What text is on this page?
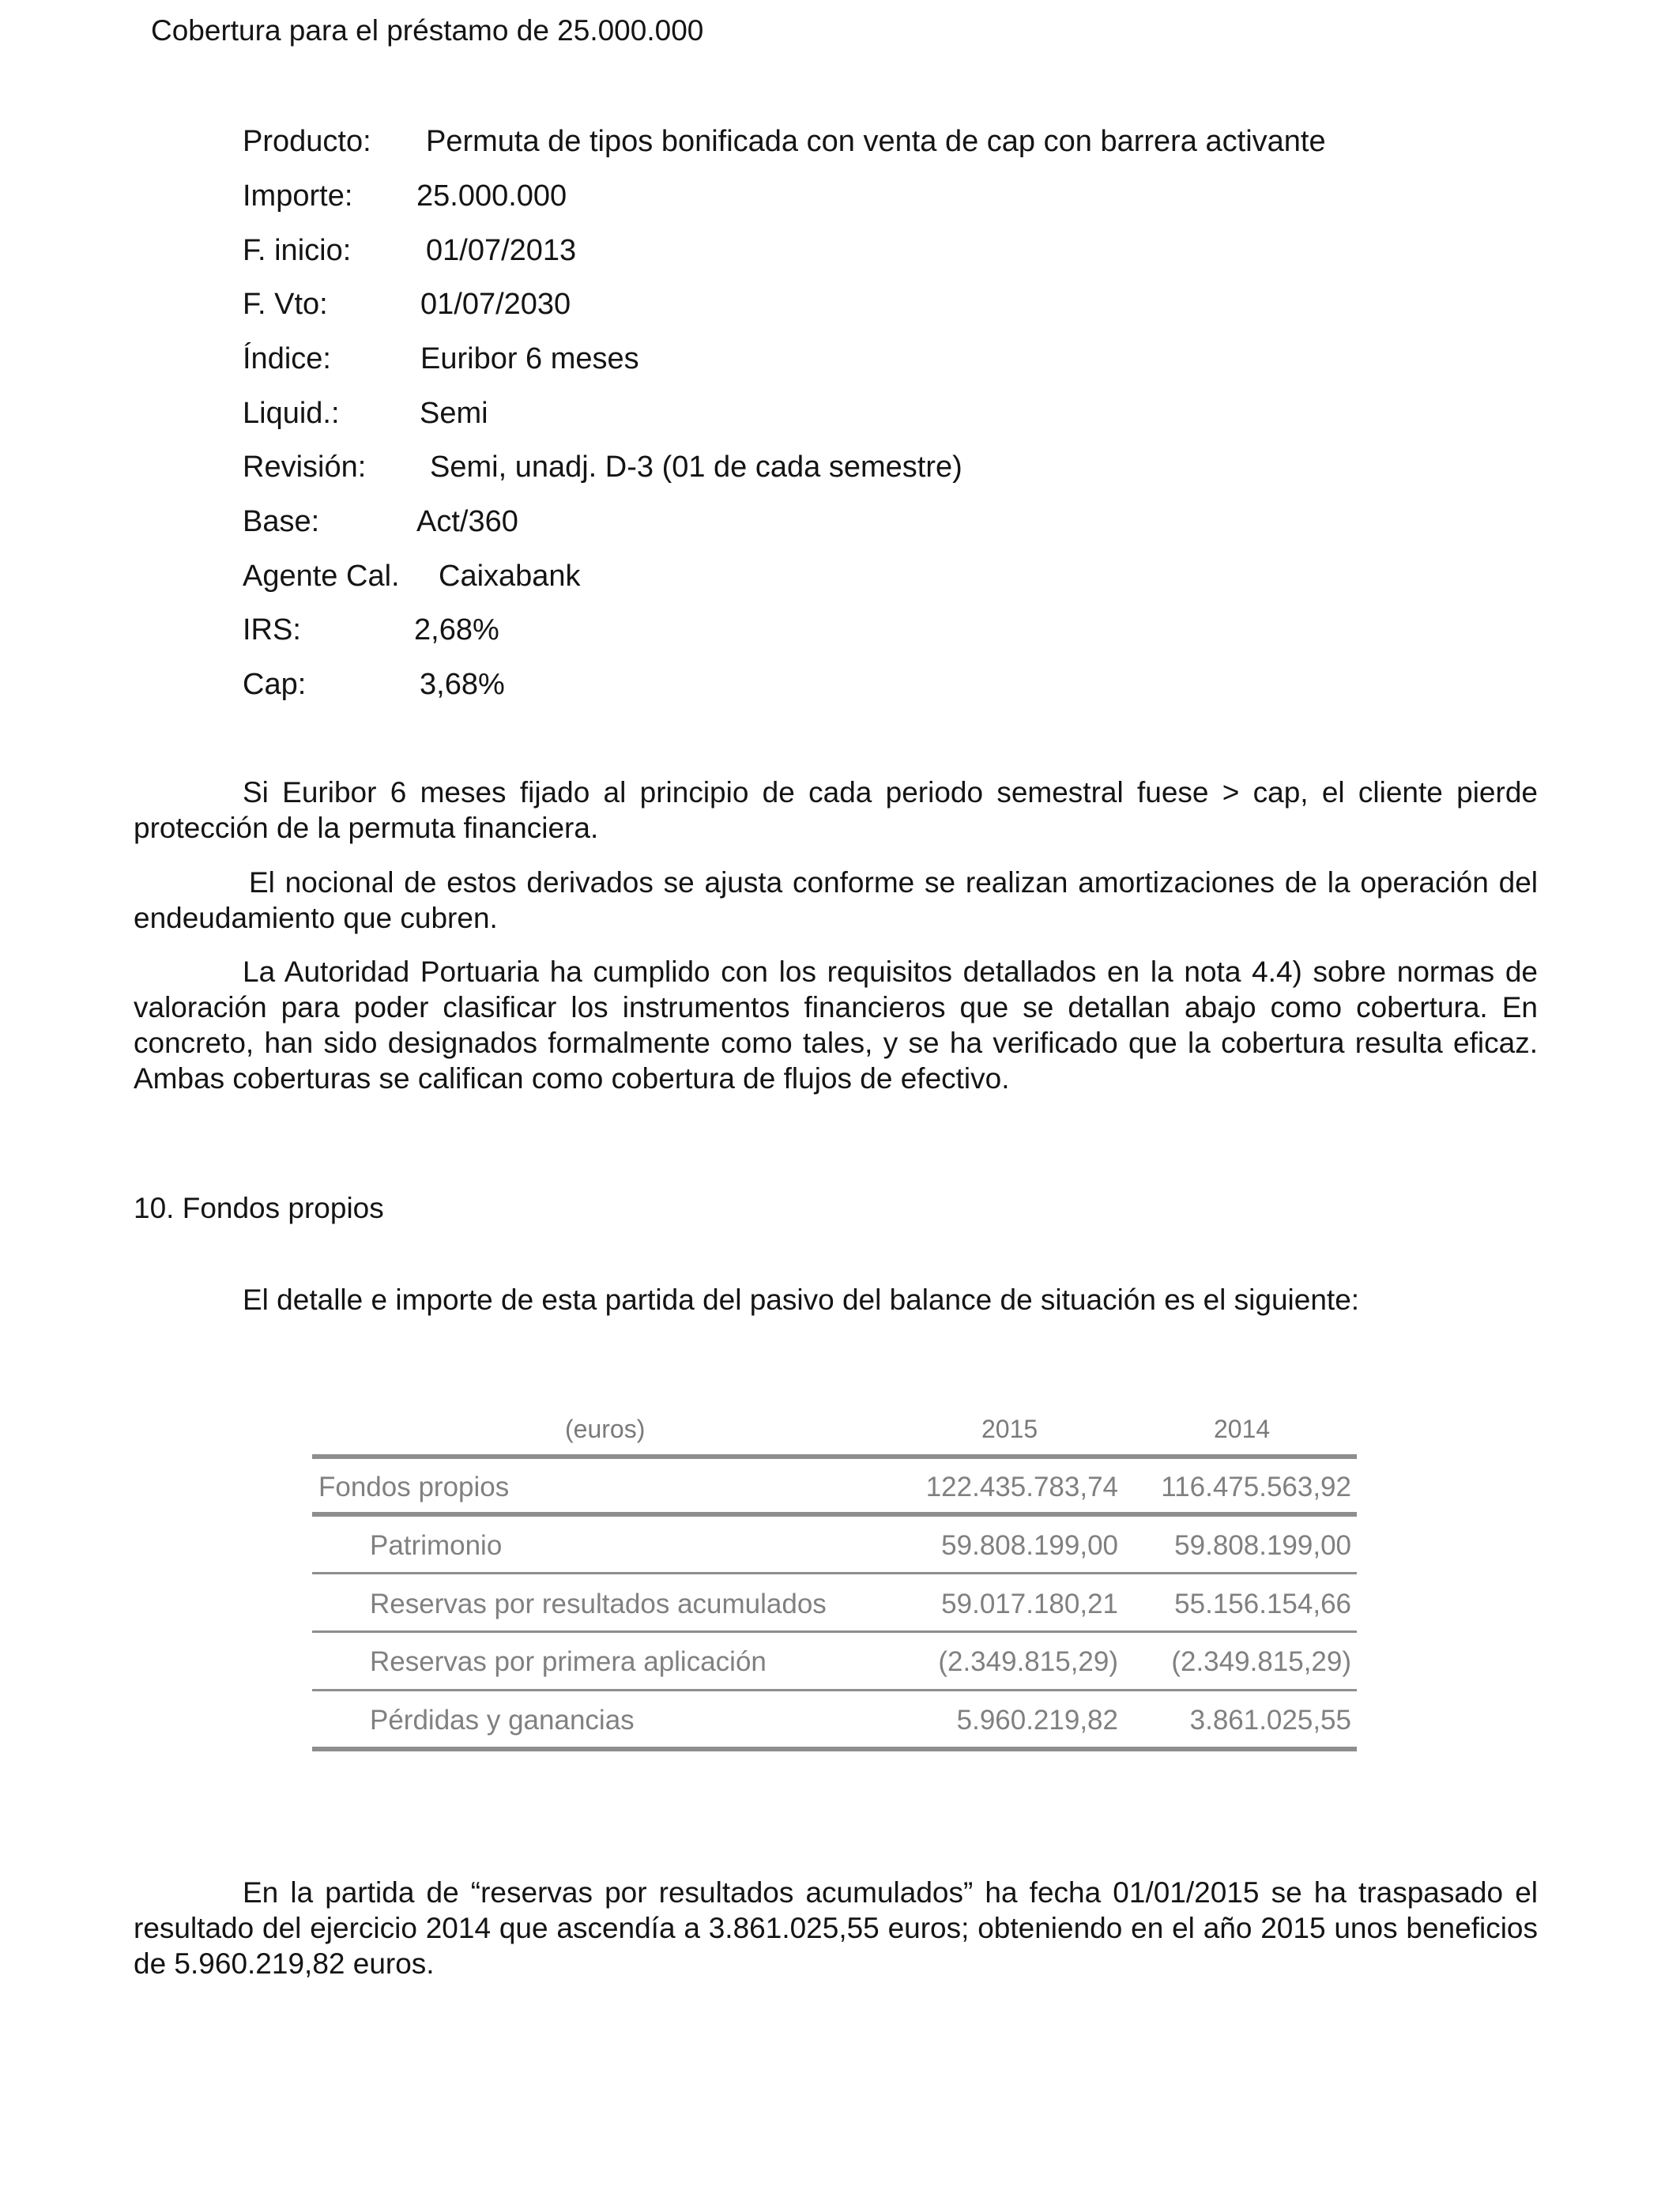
Cobertura para el préstamo de 25.000.000
Producto: Permuta de tipos bonificada con venta de cap con barrera activante
Importe: 25.000.000
F. inicio: 01/07/2013
F. Vto:	01/07/2030
Índice:	Euribor 6 meses
Liquid.:	Semi
Revisión: Semi, unadj. D-3 (01 de cada semestre)
Base:	Act/360
Agente Cal. Caixabank
IRS:	2,68%
Cap:	3,68%
Si Euribor 6 meses fijado al principio de cada periodo semestral fuese > cap, el cliente pierde protección de la permuta financiera.
El nocional de estos derivados se ajusta conforme se realizan amortizaciones de la operación del endeudamiento que cubren.
La Autoridad Portuaria ha cumplido con los requisitos detallados en la nota 4.4) sobre normas de valoración para poder clasificar los instrumentos financieros que se detallan abajo como cobertura. En concreto, han sido designados formalmente como tales, y se ha verificado que la cobertura resulta eficaz. Ambas coberturas se califican como cobertura de flujos de efectivo.
10. Fondos propios
El detalle e importe de esta partida del pasivo del balance de situación es el siguiente:
(euros)	2015	2014
Fondos propios	122.435.783,74	116.475.563,92
Patrimonio	59.808.199,00	59.808.199,00
Reservas por resultados acumulados	59.017.180,21	55.156.154,66
Reservas por primera aplicación	(2.349.815,29)	(2.349.815,29)
Pérdidas y ganancias	5.960.219,82	3.861.025,55
En la partida de “reservas por resultados acumulados” ha fecha 01/01/2015 se ha traspasado el resultado del ejercicio 2014 que ascendía a 3.861.025,55 euros; obteniendo en el año 2015 unos beneficios de 5.960.219,82 euros.
